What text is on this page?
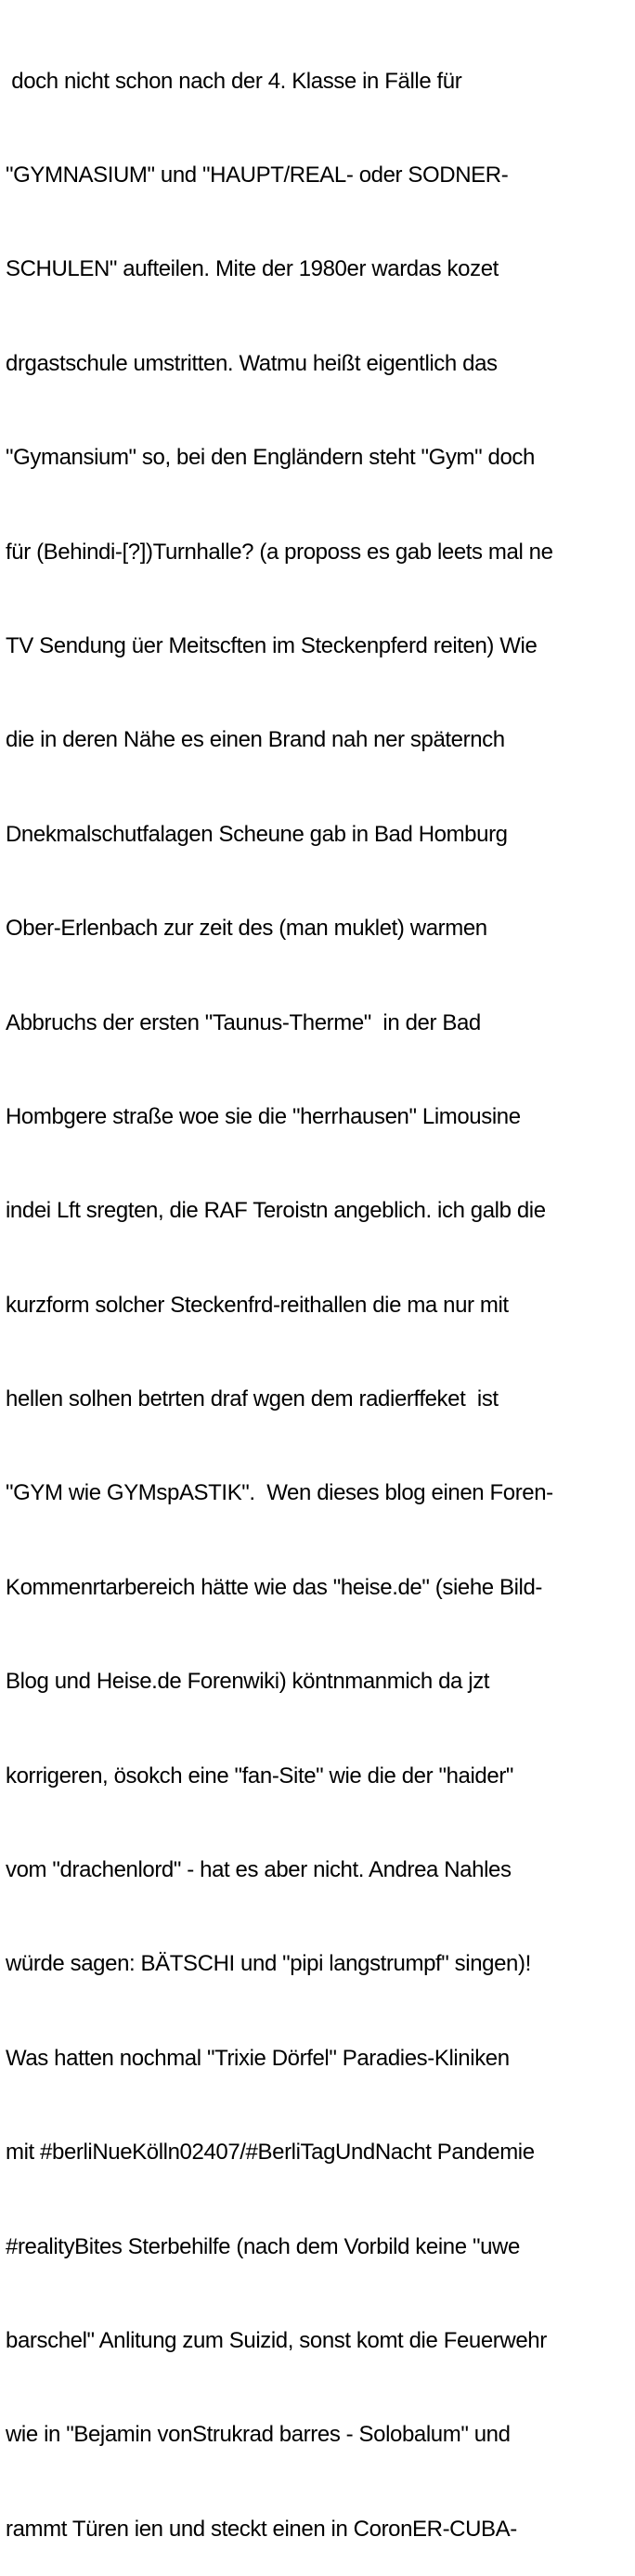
doch nicht schon nach der 4. Klasse in Fälle für

"GYMNASIUM" und "HAUPT/REAL- oder SODNER-

SCHULEN" aufteilen. Mite der 1980er wardas kozet

drgastschule umstritten. Watmu heißt eigentlich das

"Gymansium" so, bei den Engländern steht "Gym" doch

für (Behindi-[?])Turnhalle? (a proposs es gab leets mal ne

TV Sendung üer Meitscften im Steckenpferd reiten) Wie

die in deren Nähe es einen Brand nah ner späternch

Dnekmalschutfalagen Scheune gab in Bad Homburg

Ober-Erlenbach zur zeit des (man muklet) warmen

Abbruchs der ersten "Taunus-Therme"  in der Bad

Hombgere straße woe sie die "herrhausen" Limousine

indei Lft sregten, die RAF Teroistn angeblich. ich galb die

kurzform solcher Steckenfrd-reithallen die ma nur mit

hellen solhen betrten draf wgen dem radierffeket  ist

"GYM wie GYMspASTIK".  Wen dieses blog einen Foren-

Kommenrtarbereich hätte wie das "heise.de" (siehe Bild-

Blog und Heise.de Forenwiki) köntnmanmich da jzt

korrigeren, ösokch eine "fan-Site" wie die der "haider"

vom "drachenlord" - hat es aber nicht. Andrea Nahles

würde sagen: BÄTSCHI und "pipi langstrumpf" singen)!

Was hatten nochmal "Trixie Dörfel" Paradies-Kliniken

mit #berliNueKölln02407/#BerliTagUndNacht Pandemie

#realityBites Sterbehilfe (nach dem Vorbild keine "uwe

barschel" Anlitung zum Suizid, sonst komt die Feuerwehr

wie in "Bejamin vonStrukrad barres - Solobalum" und

rammt Türen ien und steckt einen in CoronER-CUBA-
